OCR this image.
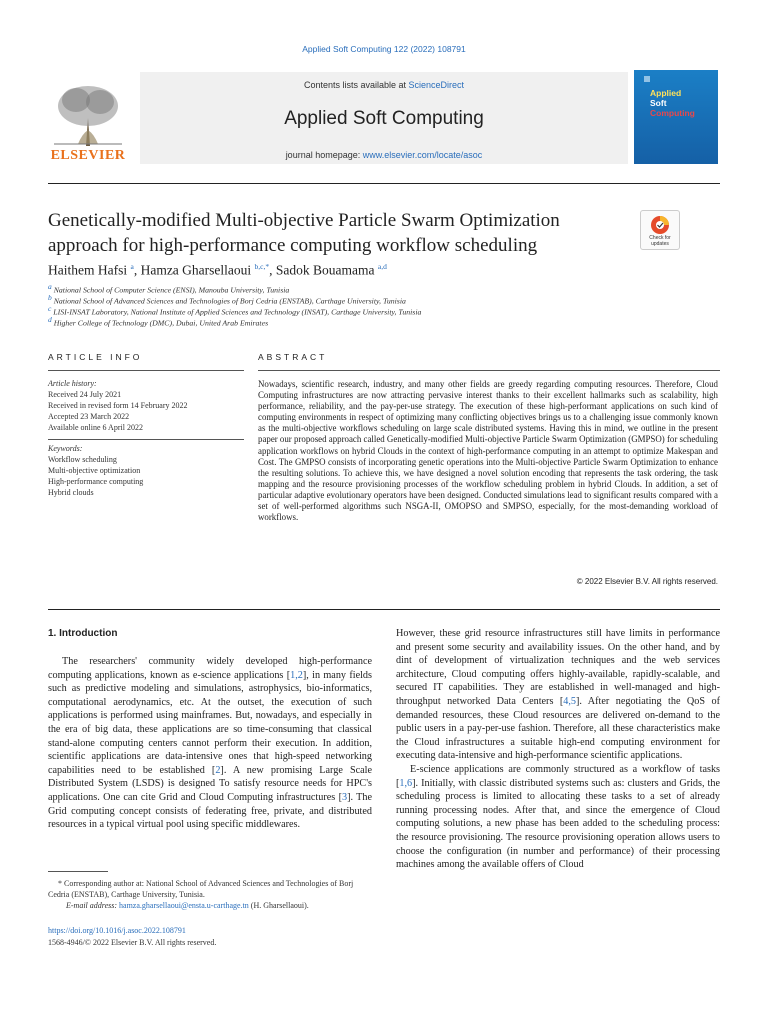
Applied Soft Computing 122 (2022) 108791
ELSEVIER
Contents lists available at ScienceDirect
Applied Soft Computing
journal homepage: www.elsevier.com/locate/asoc
Applied
Soft
Computing
Genetically-modified Multi-objective Particle Swarm Optimization approach for high-performance computing workflow scheduling	Check for updates
Haithem Hafsi $^a$, Hamza Gharsellaoui $^{b,c,*}$, Sadok Bouamama $^{a,d}$
$^a$ National School of Computer Science (ENSI), Manouba University, Tunisia
$^b$ National School of Advanced Sciences and Technologies of Borj Cedria (ENSTAB), Carthage University, Tunisia
$^c$ LISI-INSAT Laboratory, National Institute of Applied Sciences and Technology (INSAT), Carthage University, Tunisia
$^d$ Higher College of Technology (DMC), Dubai, United Arab Emirates
ARTICLE INFO	ABSTRACT
Article history:
Received 24 July 2021
Received in revised form 14 February 2022
Accepted 23 March 2022
Available online 6 April 2022
Keywords:
Workflow scheduling
Multi-objective optimization
High-performance computing
Hybrid clouds
Nowadays, scientific research, industry, and many other fields are greedy regarding computing resources. Therefore, Cloud Computing infrastructures are now attracting pervasive interest thanks to their excellent hallmarks such as scalability, high performance, reliability, and the pay-per-use strategy. The execution of these high-performant applications on such kind of computing environments in respect of optimizing many conflicting objectives brings us to a challenging issue commonly known as the multi-objective workflows scheduling on large scale distributed systems. Having this in mind, we outline in the present paper our proposed approach called Genetically-modified Multi-objective Particle Swarm Optimization (GMPSO) for scheduling application workflows on hybrid Clouds in the context of high-performance computing in an attempt to optimize Makespan and Cost. The GMPSO consists of incorporating genetic operations into the Multi-objective Particle Swarm Optimization to enhance the resulting solutions. To achieve this, we have designed a novel solution encoding that represents the task ordering, the task mapping and the resource provisioning processes of the workflow scheduling problem in hybrid Clouds. In addition, a set of particular adaptive evolutionary operators have been designed. Conducted simulations lead to significant results compared with a set of well-performed algorithms such NSGA-II, OMOPSO and SMPSO, especially, for the most-demanding workload of workflows.
© 2022 Elsevier B.V. All rights reserved.
1. Introduction

The researchers' community widely developed high-performance computing applications, known as e-science applications [1,2], in many fields such as predictive modeling and simulations, astrophysics, bio-informatics, computational aerodynamics, etc. At the outset, the execution of such applications is performed using mainframes. But, nowadays, and especially in the era of big data, these applications are so time-consuming that classical stand-alone computing centers cannot perform their execution. In addition, scientific applications are data-intensive ones that high-speed networking capabilities need to be established [2]. A new promising Large Scale Distributed System (LSDS) is designed To satisfy resource needs for HPC's applications. One can cite Grid and Cloud Computing infrastructures [3]. The Grid computing concept consists of federating free, private, and distributed resources in a typical virtual pool using specific middlewares.

However, these grid resource infrastructures still have limits in performance and present some security and availability issues. On the other hand, and by dint of development of virtualization techniques and the web services architecture, Cloud computing offers highly-available, rapidly-scalable, and secured IT capabilities. They are established in well-managed and high-throughput networked Data Centers [4,5]. After negotiating the QoS of demanded resources, these Cloud resources are delivered on-demand to the public users in a pay-per-use fashion. Therefore, all these characteristics make the Cloud infrastructures a suitable high-end computing environment for executing data-intensive and high-performance scientific applications.

E-science applications are commonly structured as a workflow of tasks [1,6]. Initially, with classic distributed systems such as: clusters and Grids, the scheduling process is limited to allocating these tasks to a set of already running processing nodes. After that, and since the emergence of Cloud computing solutions, a new phase has been added to the scheduling process: the resource provisioning. The resource provisioning operation allows users to choose the configuration (in number and performance) of their processing machines among the available offers of Cloud

* Corresponding author at: National School of Advanced Sciences and Technologies of Borj Cedria (ENSTAB), Carthage University, Tunisia.
E-mail address: hamza.gharsellaoui@ensta.u-carthage.tn (H. Gharsellaoui).
https://doi.org/10.1016/j.asoc.2022.108791
1568-4946/© 2022 Elsevier B.V. All rights reserved.
